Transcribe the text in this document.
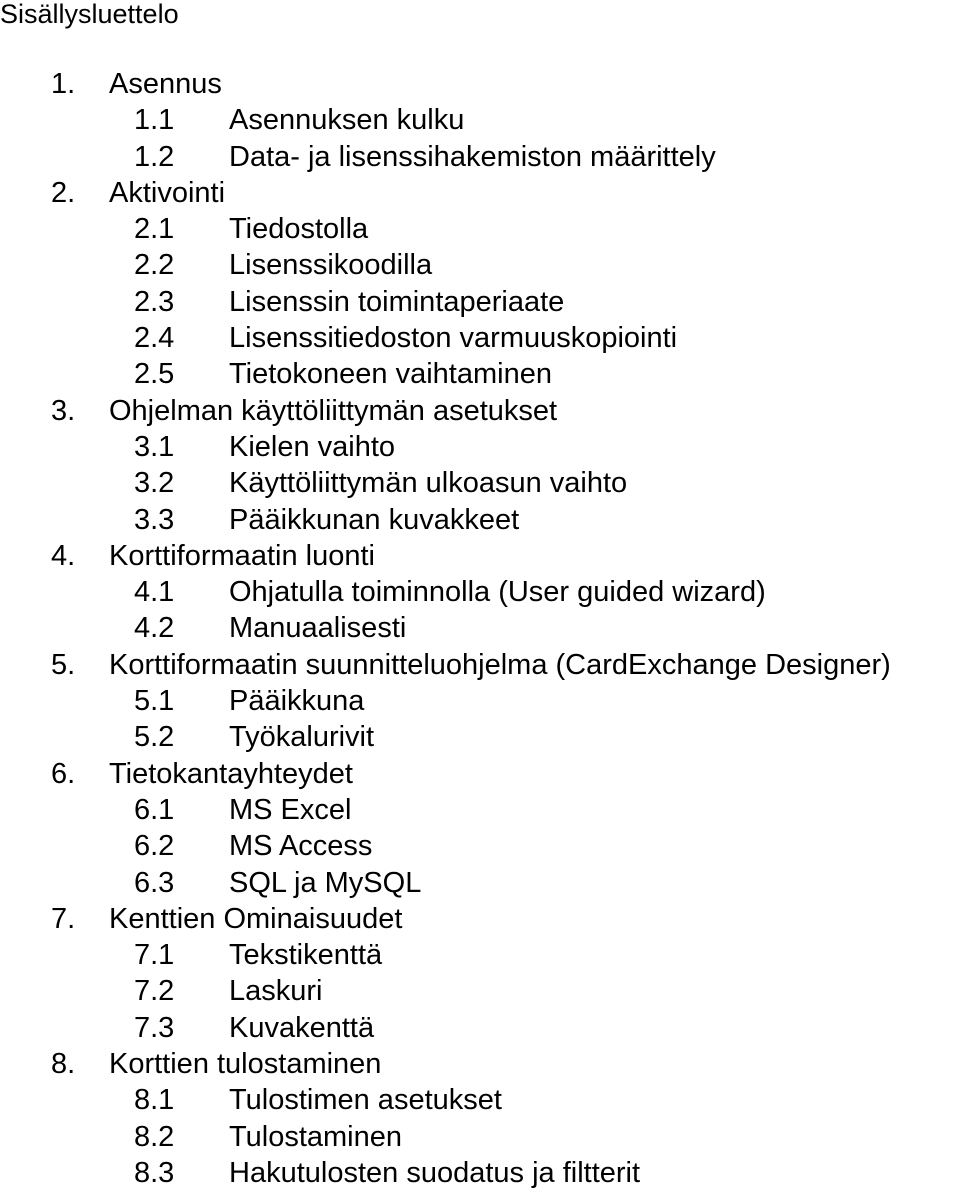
Sisällysluettelo
1. Asennus
1.1 Asennuksen kulku
1.2 Data- ja lisenssihakemiston määrittely
2. Aktivointi
2.1 Tiedostolla
2.2 Lisenssikoodilla
2.3 Lisenssin toimintaperiaate
2.4 Lisenssitiedoston varmuuskopiointi
2.5 Tietokoneen vaihtaminen
3. Ohjelman käyttöliittymän asetukset
3.1 Kielen vaihto
3.2 Käyttöliittymän ulkoasun vaihto
3.3 Pääikkunan kuvakkeet
4. Korttiformaatin luonti
4.1 Ohjatulla toiminnolla (User guided wizard)
4.2 Manuaalisesti
5. Korttiformaatin suunnitteluohjelma (CardExchange Designer)
5.1 Pääikkuna
5.2 Työkalurivit
6. Tietokantayhteydet
6.1 MS Excel
6.2 MS Access
6.3 SQL ja MySQL
7. Kenttien Ominaisuudet
7.1 Tekstikenttä
7.2 Laskuri
7.3 Kuvakenttä
8. Korttien tulostaminen
8.1 Tulostimen asetukset
8.2 Tulostaminen
8.3 Hakutulosten suodatus ja filtterit
